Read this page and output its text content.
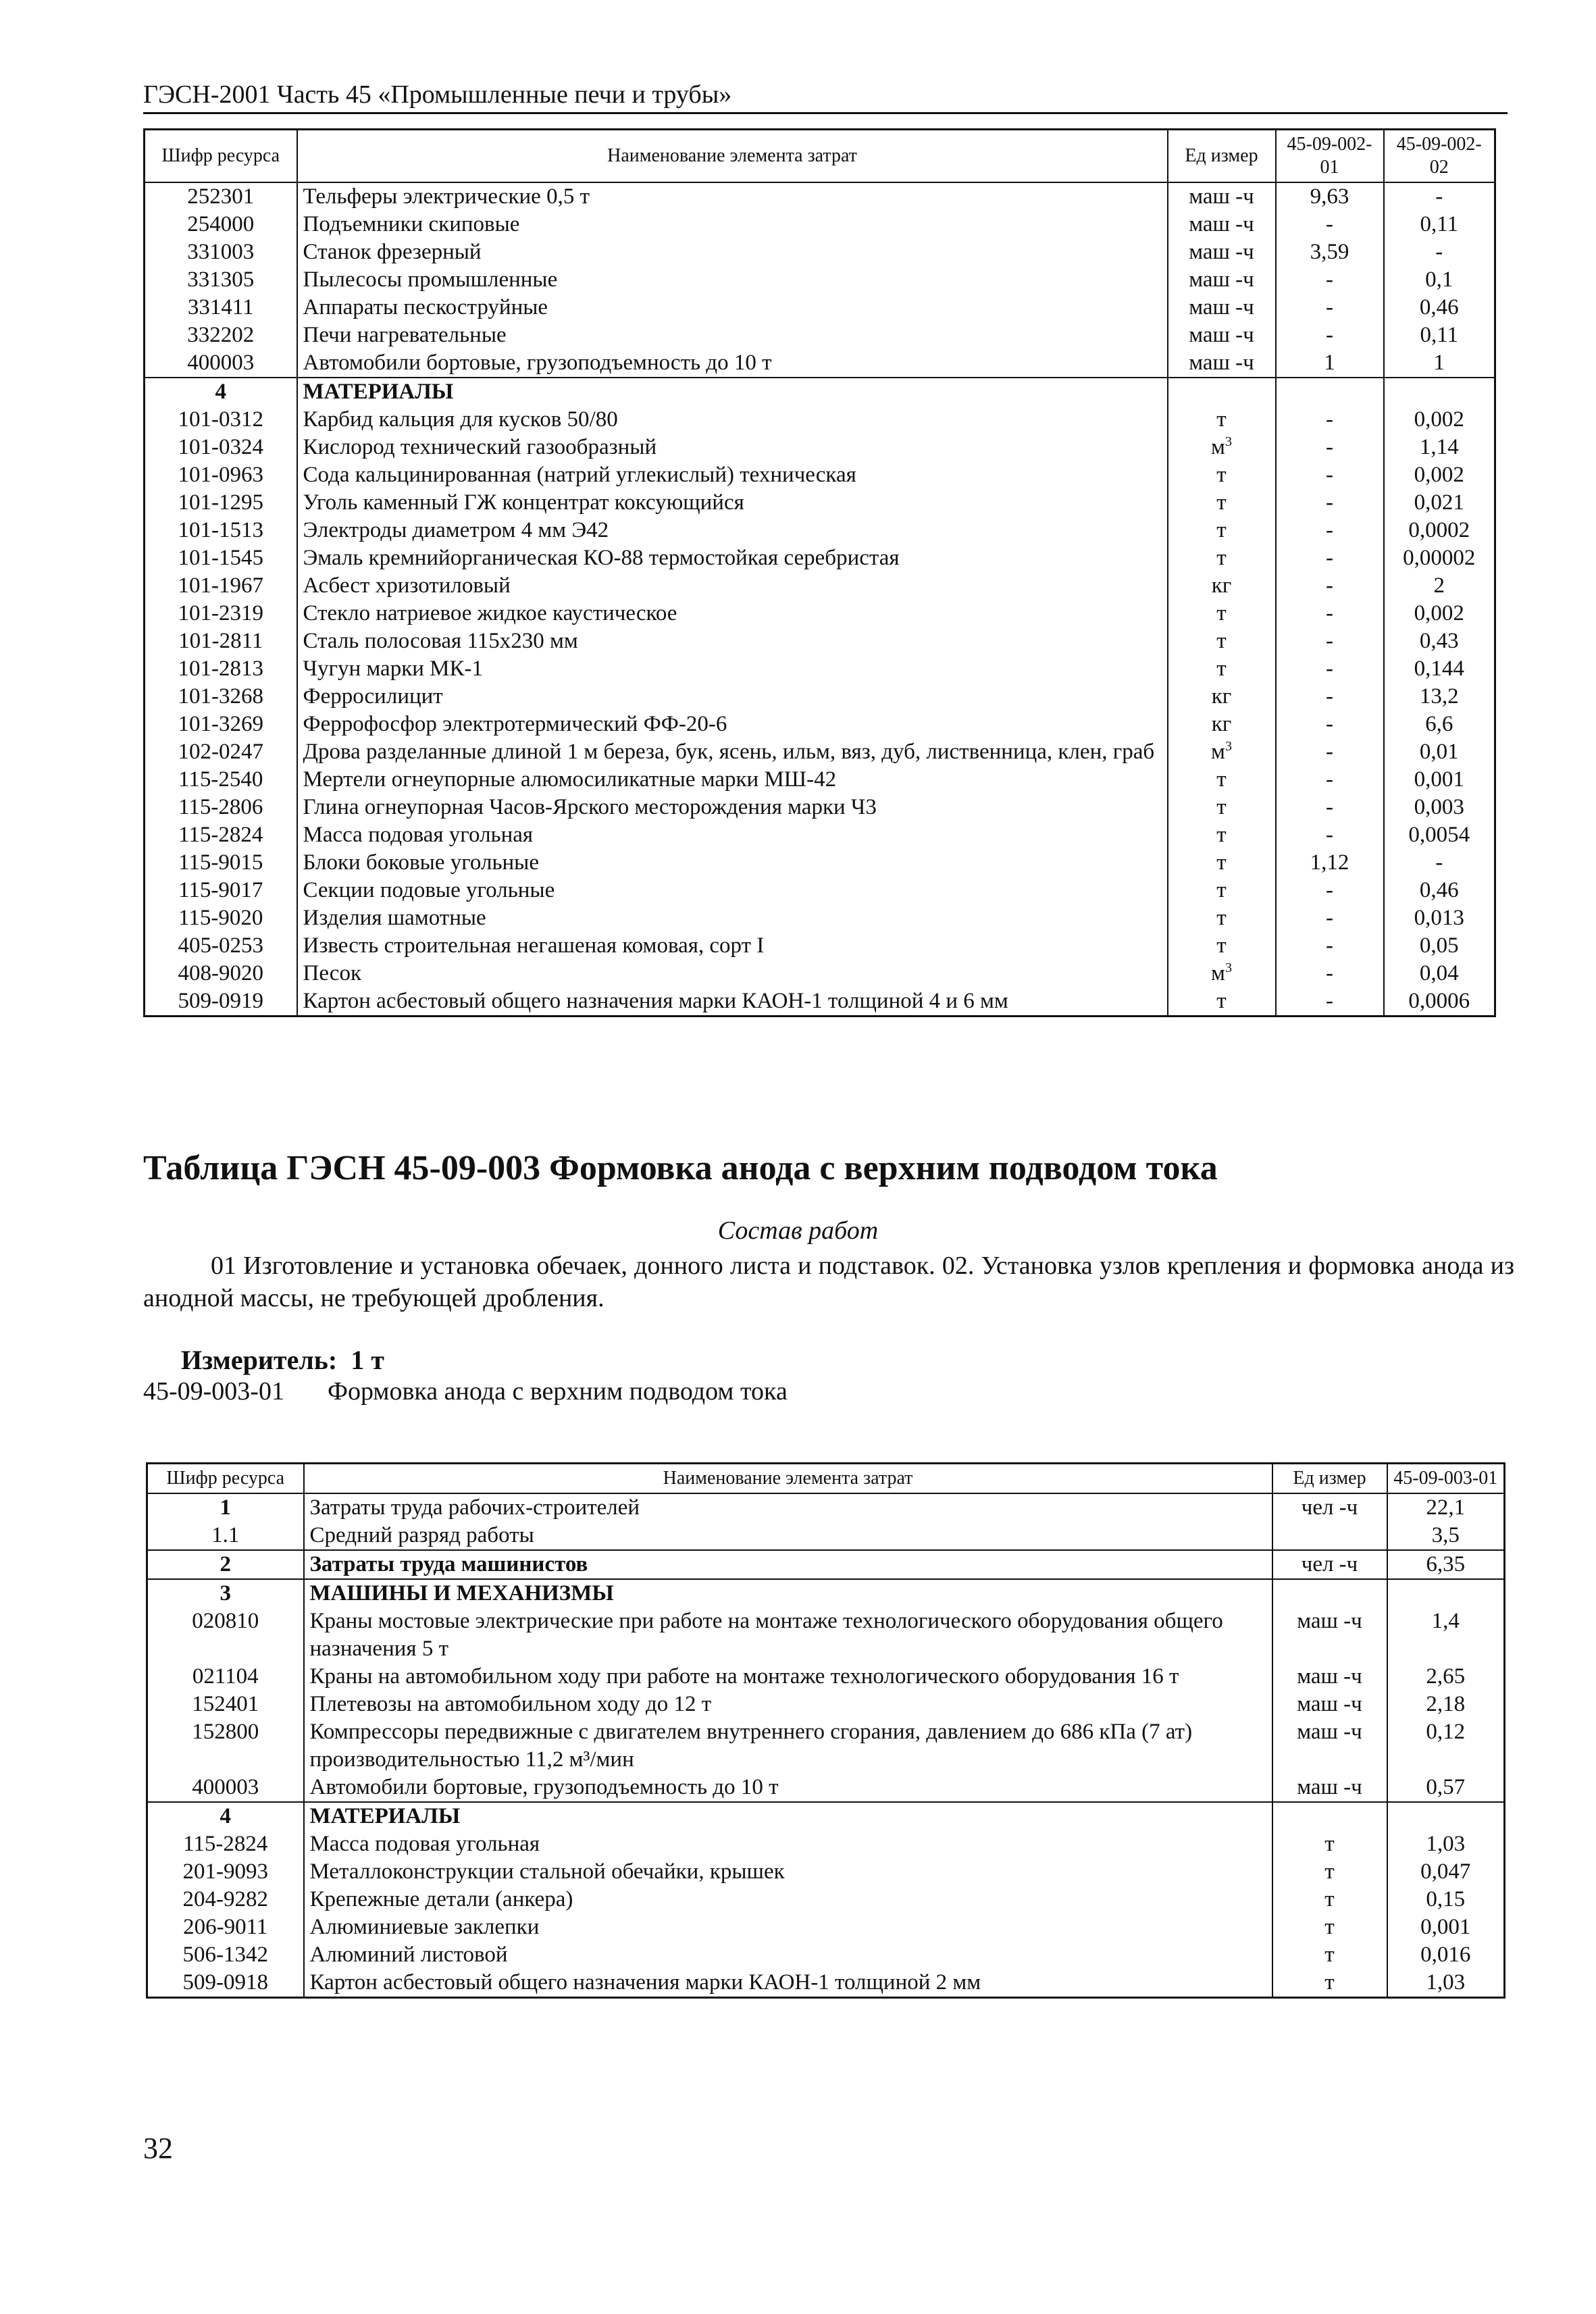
ГЭСН-2001 Часть 45 «Промышленные печи и трубы»
Шифр ресурса	Наименование элемента затрат	Ед измер	45-09-002-01	45-09-002-02
252301	Тельферы электрические 0,5 т	маш -ч	9,63	-
254000	Подъемники скиповые	маш -ч	-	0,11
331003	Станок фрезерный	маш -ч	3,59	-
331305	Пылесосы промышленные	маш -ч	-	0,1
331411	Аппараты пескоструйные	маш -ч	-	0,46
332202	Печи нагревательные	маш -ч	-	0,11
400003	Автомобили бортовые, грузоподъемность до 10 т	маш -ч	1	1
4	МАТЕРИАЛЫ			
101-0312	Карбид кальция для кусков 50/80	т	-	0,002
101-0324	Кислород технический газообразный	$м^3$	-	1,14
101-0963	Сода кальцинированная (натрий углекислый) техническая	т	-	0,002
101-1295	Уголь каменный ГЖ концентрат коксующийся	т	-	0,021
101-1513	Электроды диаметром 4 мм Э42	т	-	0,0002
101-1545	Эмаль кремнийорганическая КО-88 термостойкая серебристая	т	-	0,00002
101-1967	Асбест хризотиловый	кг	-	2
101-2319	Стекло натриевое жидкое каустическое	т	-	0,002
101-2811	Сталь полосовая 115х230 мм	т	-	0,43
101-2813	Чугун марки МК-1	т	-	0,144
101-3268	Ферросилицит	кг	-	13,2
101-3269	Феррофосфор электротермический ФФ-20-6	кг	-	6,6
102-0247	Дрова разделанные длиной 1 м береза, бук, ясень, ильм, вяз, дуб, лиственница, клен, граб	$м^3$	-	0,01
115-2540	Мертели огнеупорные алюмосиликатные марки МШ-42	т	-	0,001
115-2806	Глина огнеупорная Часов-Ярского месторождения марки Ч3	т	-	0,003
115-2824	Масса подовая угольная	т	-	0,0054
115-9015	Блоки боковые угольные	т	1,12	-
115-9017	Секции подовые угольные	т	-	0,46
115-9020	Изделия шамотные	т	-	0,013
405-0253	Известь строительная негашеная комовая, сорт I	т	-	0,05
408-9020	Песок	$м^3$	-	0,04
509-0919	Картон асбестовый общего назначения марки КАОН-1 толщиной 4 и 6 мм	т	-	0,0006
Таблица ГЭСН 45-09-003 Формовка анода с верхним подводом тока
Состав работ
01 Изготовление и установка обечаек, донного листа и подставок. 02. Установка узлов крепления и формовка анода из анодной массы, не требующей дробления.
Измеритель: 1 т
45-09-003-01 Формовка анода с верхним подводом тока
Шифр ресурса	Наименование элемента затрат	Ед измер	45-09-003-01
1	Затраты труда рабочих-строителей	чел -ч	22,1
1.1	Средний разряд работы		3,5
2	Затраты труда машинистов	чел -ч	6,35
3	МАШИНЫ И МЕХАНИЗМЫ		
020810	Краны мостовые электрические при работе на монтаже технологического оборудования общего назначения 5 т	маш -ч	1,4
021104	Краны на автомобильном ходу при работе на монтаже технологического оборудования 16 т	маш -ч	2,65
152401	Плетевозы на автомобильном ходу до 12 т	маш -ч	2,18
152800	Компрессоры передвижные с двигателем внутреннего сгорания, давлением до 686 кПа (7 ат) производительностью 11,2 м³/мин	маш -ч	0,12
400003	Автомобили бортовые, грузоподъемность до 10 т	маш -ч	0,57
4	МАТЕРИАЛЫ		
115-2824	Масса подовая угольная	т	1,03
201-9093	Металлоконструкции стальной обечайки, крышек	т	0,047
204-9282	Крепежные детали (анкера)	т	0,15
206-9011	Алюминиевые заклепки	т	0,001
506-1342	Алюминий листовой	т	0,016
509-0918	Картон асбестовый общего назначения марки КАОН-1 толщиной 2 мм	т	1,03
32
